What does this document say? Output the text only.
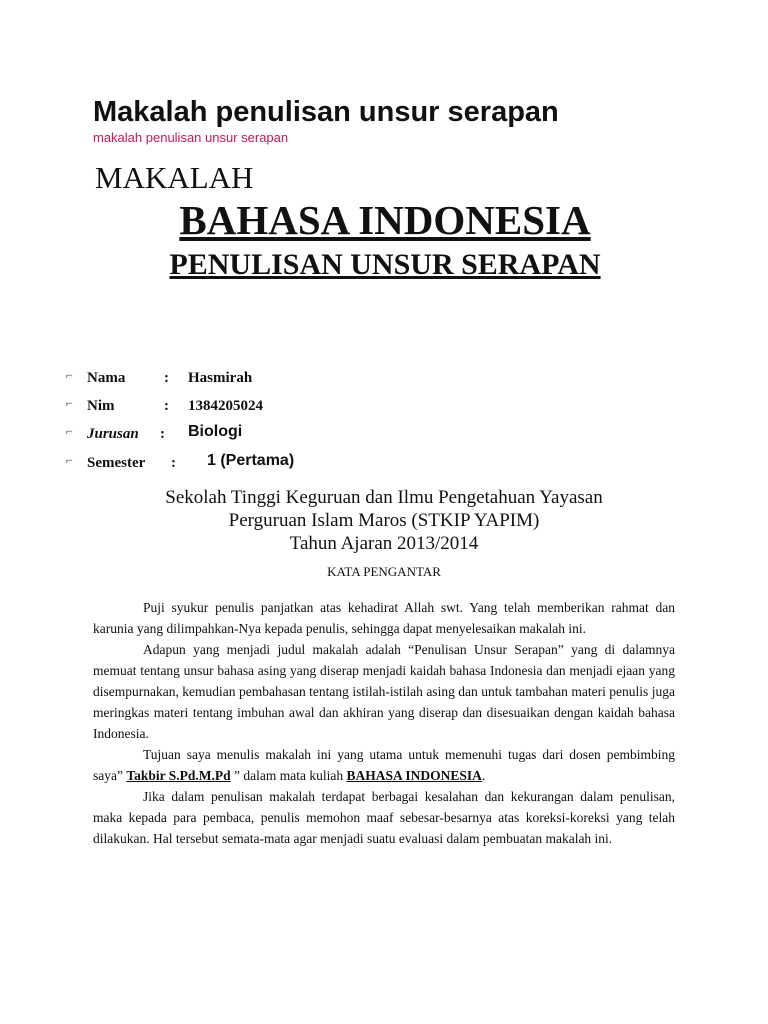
Makalah penulisan unsur serapan
makalah penulisan unsur serapan
MAKALAH
BAHASA INDONESIA
PENULISAN UNSUR SERAPAN
⌐ Nama	: Hasmirah
⌐ Nim	: 1384205024
⌐ Jurusan : Biologi
⌐ Semester : 1 (Pertama)
Sekolah Tinggi Keguruan dan Ilmu Pengetahuan Yayasan
Perguruan Islam Maros (STKIP YAPIM)
Tahun Ajaran 2013/2014
KATA PENGANTAR

Puji syukur penulis panjatkan atas kehadirat Allah swt. Yang telah memberikan rahmat dan karunia yang dilimpahkan-Nya kepada penulis, sehingga dapat menyelesaikan makalah ini.

Adapun yang menjadi judul makalah adalah “Penulisan Unsur Serapan” yang di dalamnya memuat tentang unsur bahasa asing yang diserap menjadi kaidah bahasa Indonesia dan menjadi ejaan yang disempurnakan, kemudian pembahasan tentang istilah-istilah asing dan untuk tambahan materi penulis juga meringkas materi tentang imbuhan awal dan akhiran yang diserap dan disesuaikan dengan kaidah bahasa Indonesia.

Tujuan saya menulis makalah ini yang utama untuk memenuhi tugas dari dosen pembimbing saya” Takbir S.Pd.M.Pd ” dalam mata kuliah BAHASA INDONESIA.

Jika dalam penulisan makalah terdapat berbagai kesalahan dan kekurangan dalam penulisan, maka kepada para pembaca, penulis memohon maaf sebesar-besarnya atas koreksi-koreksi yang telah dilakukan. Hal tersebut semata-mata agar menjadi suatu evaluasi dalam pembuatan makalah ini.
